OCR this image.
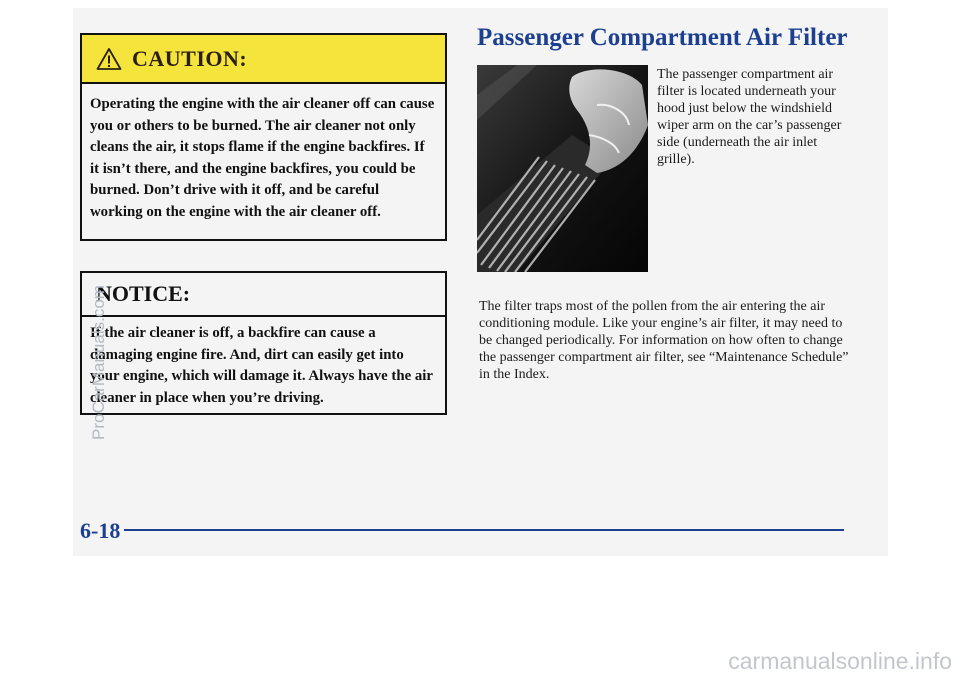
CAUTION:
Operating the engine with the air cleaner off can cause you or others to be burned. The air cleaner not only cleans the air, it stops flame if the engine backfires. If it isn’t there, and the engine backfires, you could be burned. Don’t drive with it off, and be careful working on the engine with the air cleaner off.
NOTICE:
If the air cleaner is off, a backfire can cause a damaging engine fire. And, dirt can easily get into your engine, which will damage it. Always have the air cleaner in place when you’re driving.
Passenger Compartment Air Filter
The passenger compartment air filter is located underneath your hood just below the windshield wiper arm on the car’s passenger side (underneath the air inlet grille).
The filter traps most of the pollen from the air entering the air conditioning module. Like your engine’s air filter, it may need to be changed periodically. For information on how often to change the passenger compartment air filter, see “Maintenance Schedule” in the Index.
6-18
ProCarManuals.com
carmanualsonline.info
